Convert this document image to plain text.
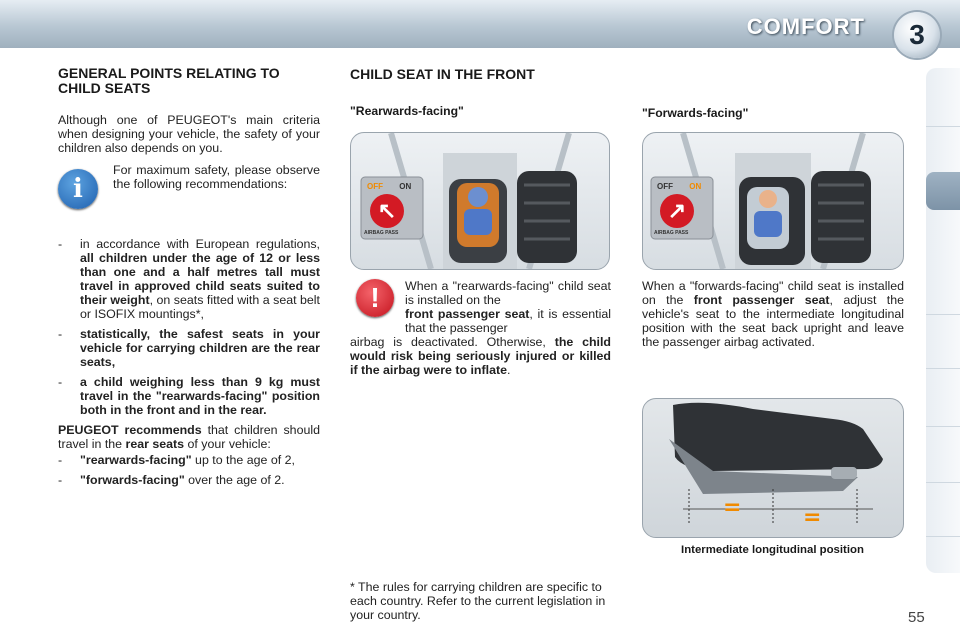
COMFORT	3
GENERAL POINTS RELATING TO CHILD SEATS

Although one of PEUGEOT's main criteria when designing your vehicle, the safety of your children also depends on you.

i
For maximum safety, please observe the following recommendations:
- in accordance with European regulations, all children under the age of 12 or less than one and a half metres tall must travel in approved child seats suited to their weight, on seats fitted with a seat belt or ISOFIX mountings*,
- statistically, the safest seats in your vehicle for carrying children are the rear seats,
- a child weighing less than 9 kg must travel in the "rearwards-facing" position both in the front and in the rear.

PEUGEOT recommends that children should travel in the rear seats of your vehicle:

- "rearwards-facing" up to the age of 2,
- "forwards-facing" over the age of 2.
CHILD SEAT IN THE FRONT
"Rearwards-facing"	"Forwards-facing"
OFF ON
↖
AIRBAG PASS
OFF ON
↗
AIRBAG PASS
!	When a "rearwards-facing" child seat is installed on the
front passenger seat, it is essential that the passenger
airbag is deactivated. Otherwise, the child would risk being seriously injured or killed if the airbag were to inflate.
When a "forwards-facing" child seat is installed on the front passenger seat, adjust the vehicle's seat to the intermediate longitudinal position with the seat back upright and leave the passenger airbag activated.
=	=
Intermediate longitudinal position
* The rules for carrying children are specific to each country. Refer to the current legislation in your country.	55
